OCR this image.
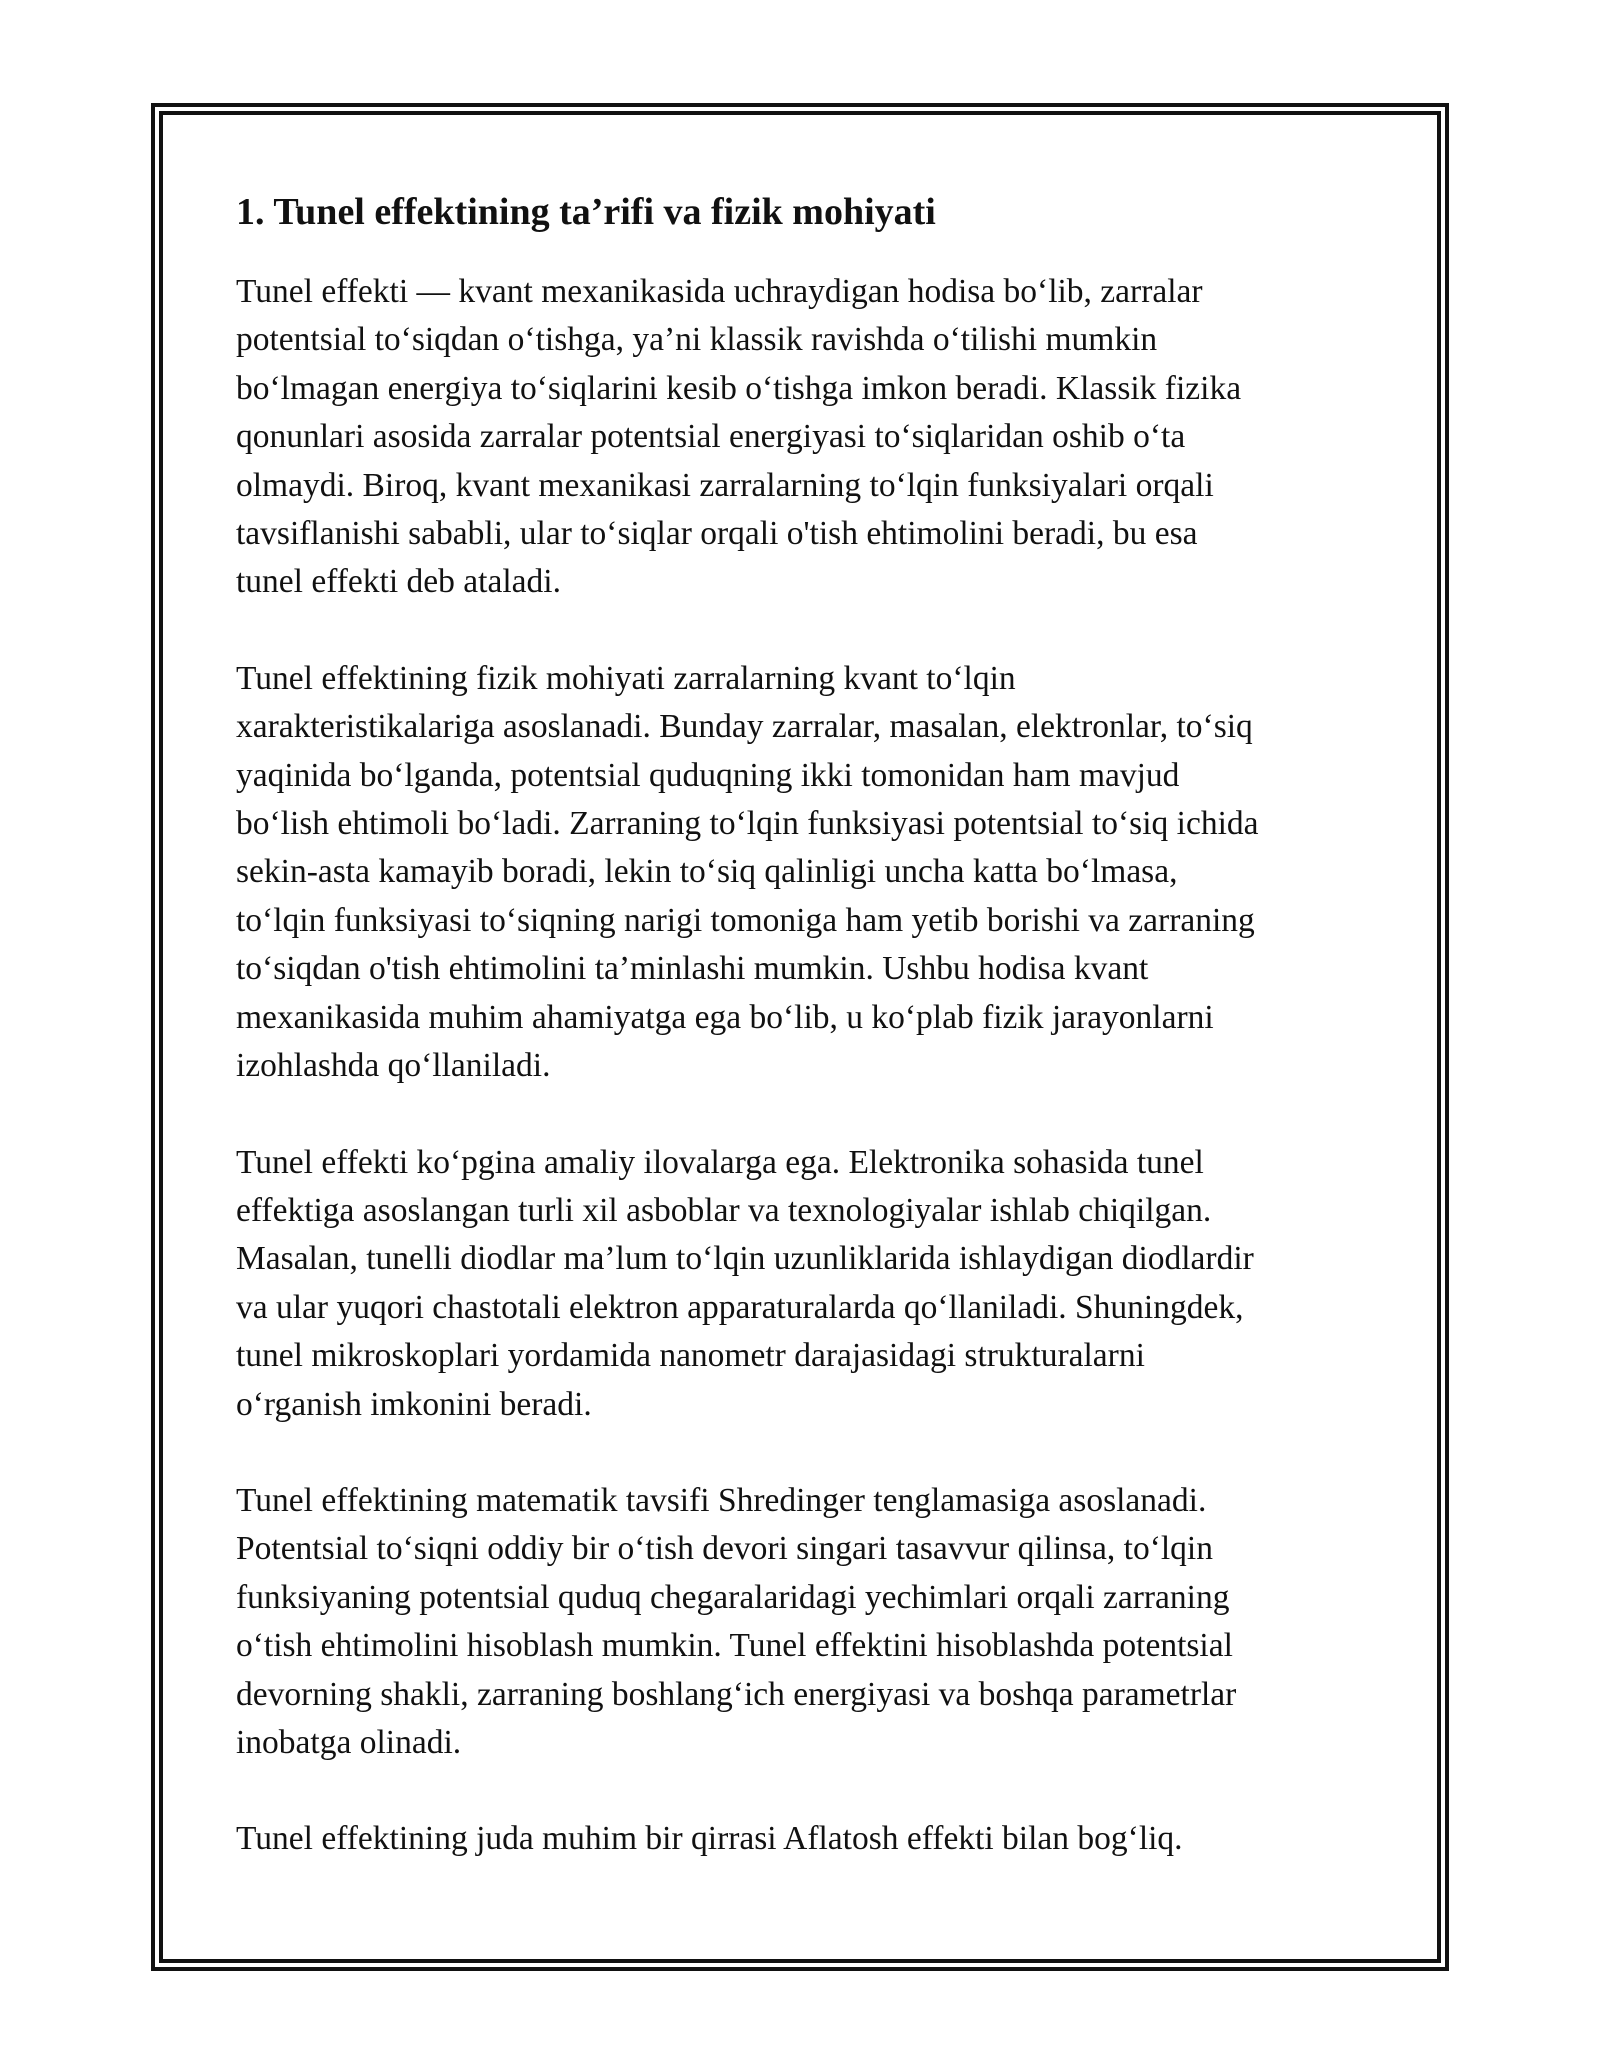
1. Tunel effektining ta’rifi va fizik mohiyati

Tunel effekti — kvant mexanikasida uchraydigan hodisa bo‘lib, zarralar
potentsial to‘siqdan o‘tishga, ya’ni klassik ravishda o‘tilishi mumkin
bo‘lmagan energiya to‘siqlarini kesib o‘tishga imkon beradi. Klassik fizika
qonunlari asosida zarralar potentsial energiyasi to‘siqlaridan oshib o‘ta
olmaydi. Biroq, kvant mexanikasi zarralarning to‘lqin funksiyalari orqali
tavsiflanishi sababli, ular to‘siqlar orqali o'tish ehtimolini beradi, bu esa
tunel effekti deb ataladi.

Tunel effektining fizik mohiyati zarralarning kvant to‘lqin
xarakteristikalariga asoslanadi. Bunday zarralar, masalan, elektronlar, to‘siq
yaqinida bo‘lganda, potentsial quduqning ikki tomonidan ham mavjud
bo‘lish ehtimoli bo‘ladi. Zarraning to‘lqin funksiyasi potentsial to‘siq ichida
sekin-asta kamayib boradi, lekin to‘siq qalinligi uncha katta bo‘lmasa,
to‘lqin funksiyasi to‘siqning narigi tomoniga ham yetib borishi va zarraning
to‘siqdan o'tish ehtimolini ta’minlashi mumkin. Ushbu hodisa kvant
mexanikasida muhim ahamiyatga ega bo‘lib, u ko‘plab fizik jarayonlarni
izohlashda qo‘llaniladi.

Tunel effekti ko‘pgina amaliy ilovalarga ega. Elektronika sohasida tunel
effektiga asoslangan turli xil asboblar va texnologiyalar ishlab chiqilgan.
Masalan, tunelli diodlar ma’lum to‘lqin uzunliklarida ishlaydigan diodlardir
va ular yuqori chastotali elektron apparaturalarda qo‘llaniladi. Shuningdek,
tunel mikroskoplari yordamida nanometr darajasidagi strukturalarni
o‘rganish imkonini beradi.

Tunel effektining matematik tavsifi Shredinger tenglamasiga asoslanadi.
Potentsial to‘siqni oddiy bir o‘tish devori singari tasavvur qilinsa, to‘lqin
funksiyaning potentsial quduq chegaralaridagi yechimlari orqali zarraning
o‘tish ehtimolini hisoblash mumkin. Tunel effektini hisoblashda potentsial
devorning shakli, zarraning boshlang‘ich energiyasi va boshqa parametrlar
inobatga olinadi.

Tunel effektining juda muhim bir qirrasi Aflatosh effekti bilan bog‘liq.
